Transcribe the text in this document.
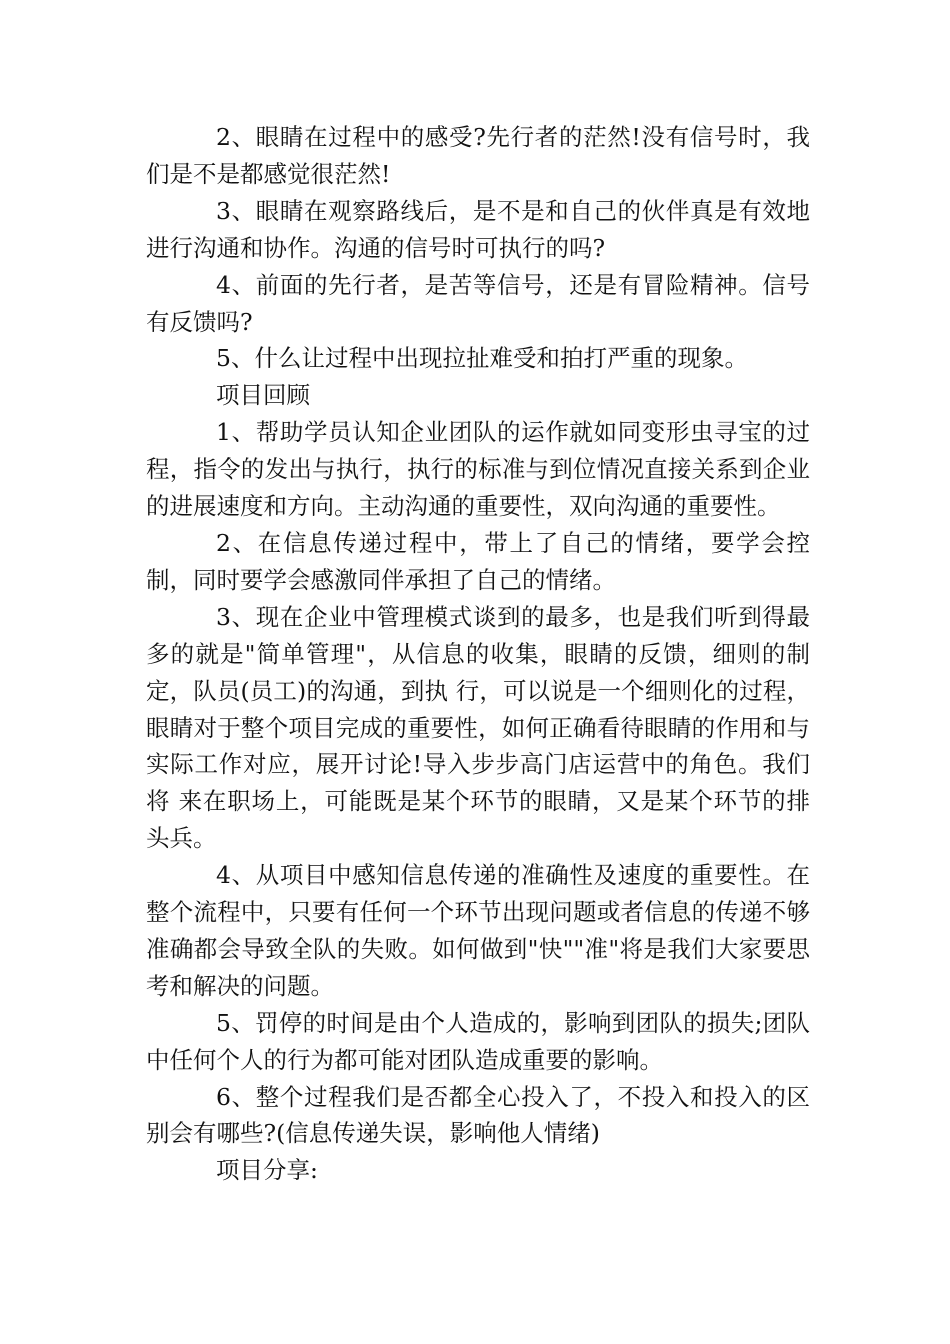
2、眼睛在过程中的感受?先行者的茫然!没有信号时，我们是不是都感觉很茫然!

3、眼睛在观察路线后，是不是和自己的伙伴真是有效地进行沟通和协作。沟通的信号时可执行的吗?

4、前面的先行者，是苦等信号，还是有冒险精神。信号有反馈吗?

5、什么让过程中出现拉扯难受和拍打严重的现象。

项目回顾

1、帮助学员认知企业团队的运作就如同变形虫寻宝的过程，指令的发出与执行，执行的标准与到位情况直接关系到企业的进展速度和方向。主动沟通的重要性，双向沟通的重要性。

2、在信息传递过程中，带上了自己的情绪，要学会控制，同时要学会感激同伴承担了自己的情绪。

3、现在企业中管理模式谈到的最多，也是我们听到得最多的就是"简单管理"，从信息的收集，眼睛的反馈，细则的制定，队员(员工)的沟通，到执 行，可以说是一个细则化的过程，眼睛对于整个项目完成的重要性，如何正确看待眼睛的作用和与实际工作对应，展开讨论!导入步步高门店运营中的角色。我们将 来在职场上，可能既是某个环节的眼睛，又是某个环节的排头兵。

4、从项目中感知信息传递的准确性及速度的重要性。在整个流程中，只要有任何一个环节出现问题或者信息的传递不够准确都会导致全队的失败。如何做到"快""准"将是我们大家要思考和解决的问题。

5、罚停的时间是由个人造成的，影响到团队的损失;团队中任何个人的行为都可能对团队造成重要的影响。

6、整个过程我们是否都全心投入了，不投入和投入的区别会有哪些?(信息传递失误，影响他人情绪)

项目分享:
